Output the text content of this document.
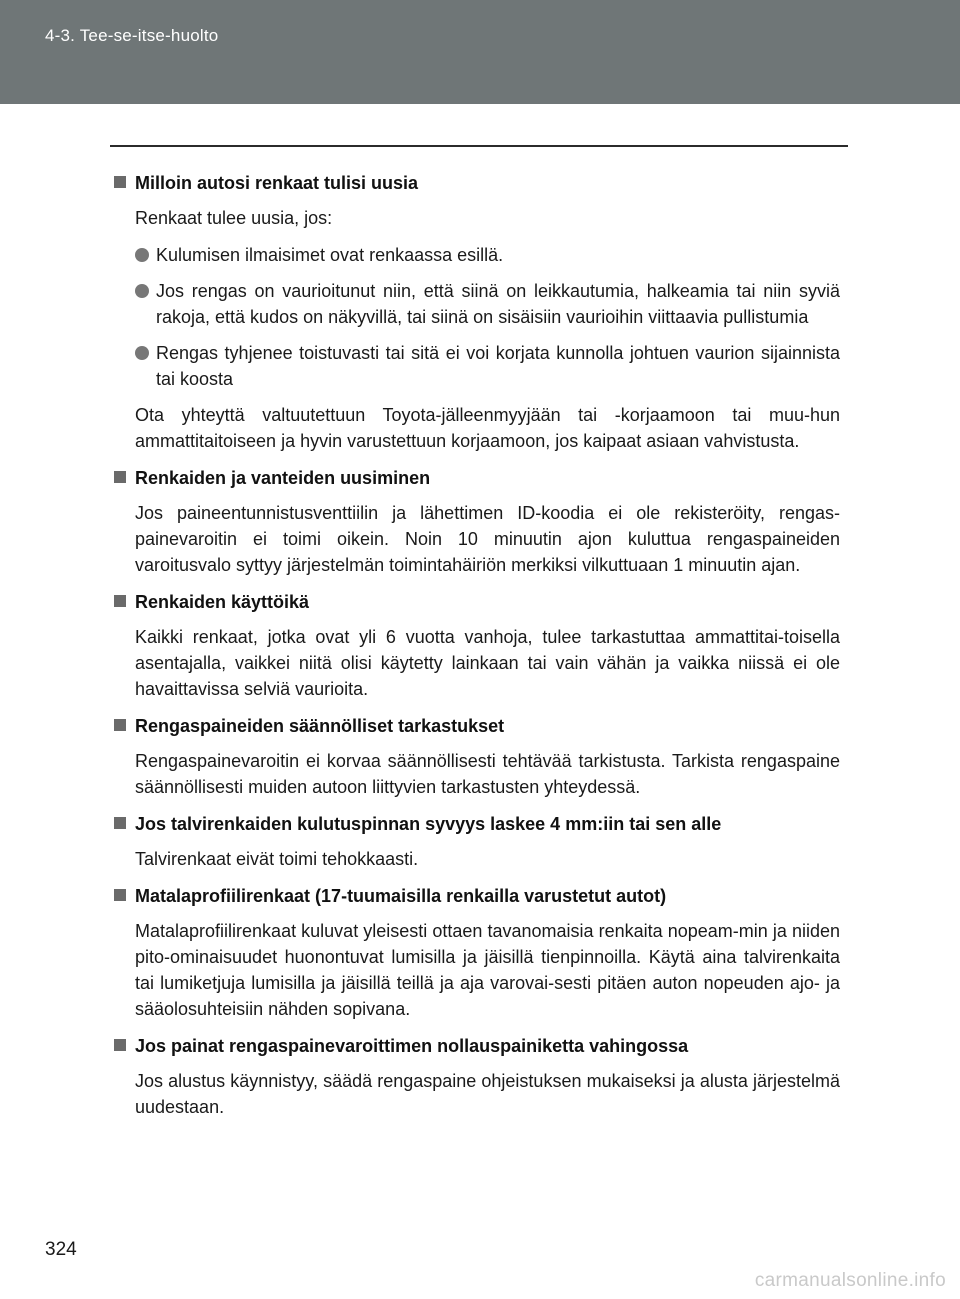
4-3. Tee-se-itse-huolto
Milloin autosi renkaat tulisi uusia
Renkaat tulee uusia, jos:
Kulumisen ilmaisimet ovat renkaassa esillä.
Jos rengas on vaurioitunut niin, että siinä on leikkautumia, halkeamia tai niin syviä rakoja, että kudos on näkyvillä, tai siinä on sisäisiin vaurioihin viittaavia pullistumia
Rengas tyhjenee toistuvasti tai sitä ei voi korjata kunnolla johtuen vaurion sijainnista tai koosta
Ota yhteyttä valtuutettuun Toyota-jälleenmyyjään tai -korjaamoon tai muu-hun ammattitaitoiseen ja hyvin varustettuun korjaamoon, jos kaipaat asiaan vahvistusta.
Renkaiden ja vanteiden uusiminen
Jos paineentunnistusventtiilin ja lähettimen ID-koodia ei ole rekisteröity, rengas-painevaroitin ei toimi oikein. Noin 10 minuutin ajon kuluttua rengaspaineiden varoitusvalo syttyy järjestelmän toimintahäiriön merkiksi vilkuttuaan 1 minuutin ajan.
Renkaiden käyttöikä
Kaikki renkaat, jotka ovat yli 6 vuotta vanhoja, tulee tarkastuttaa ammattitai-toisella asentajalla, vaikkei niitä olisi käytetty lainkaan tai vain vähän ja vaikka niissä ei ole havaittavissa selviä vaurioita.
Rengaspaineiden säännölliset tarkastukset
Rengaspainevaroitin ei korvaa säännöllisesti tehtävää tarkistusta. Tarkista rengaspaine säännöllisesti muiden autoon liittyvien tarkastusten yhteydessä.
Jos talvirenkaiden kulutuspinnan syvyys laskee 4 mm:iin tai sen alle
Talvirenkaat eivät toimi tehokkaasti.
Matalaprofiilirenkaat (17-tuumaisilla renkailla varustetut autot)
Matalaprofiilirenkaat kuluvat yleisesti ottaen tavanomaisia renkaita nopeam-min ja niiden pito-ominaisuudet huonontuvat lumisilla ja jäisillä tienpinnoilla. Käytä aina talvirenkaita tai lumiketjuja lumisilla ja jäisillä teillä ja aja varovai-sesti pitäen auton nopeuden ajo- ja sääolosuhteisiin nähden sopivana.
Jos painat rengaspainevaroittimen nollauspainiketta vahingossa
Jos alustus käynnistyy, säädä rengaspaine ohjeistuksen mukaiseksi ja alusta järjestelmä uudestaan.
324
carmanualsonline.info
